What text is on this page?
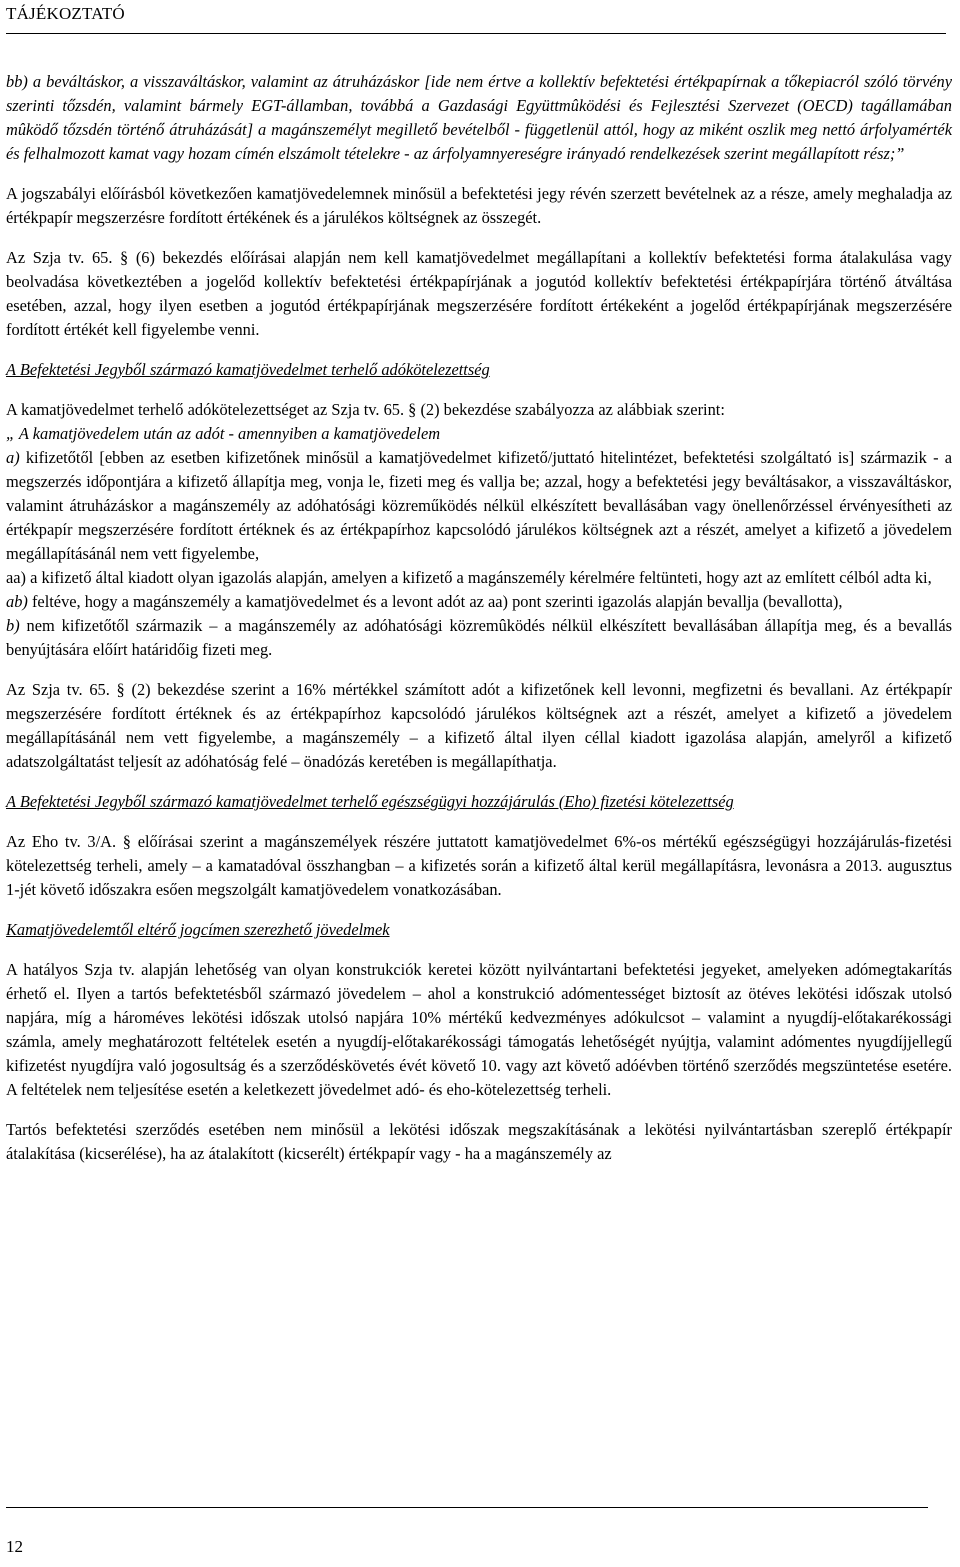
TÁJÉKOZTATÓ

bb) a beváltáskor, a visszaváltáskor, valamint az átruházáskor [ide nem értve a kollektív befektetési értékpapírnak a tőkepiacról szóló törvény szerinti tőzsdén, valamint bármely EGT-államban, továbbá a Gazdasági Együttmûködési és Fejlesztési Szervezet (OECD) tagállamában mûködő tőzsdén történő átruházását] a magánszemélyt megillető bevételből - függetlenül attól, hogy az miként oszlik meg nettó árfolyamérték és felhalmozott kamat vagy hozam címén elszámolt tételekre - az árfolyamnyereségre irányadó rendelkezések szerint megállapított rész;”

A jogszabályi előírásból következően kamatjövedelemnek minősül a befektetési jegy révén szerzett bevételnek az a része, amely meghaladja az értékpapír megszerzésre fordított értékének és a járulékos költségnek az összegét.

Az Szja tv. 65. § (6) bekezdés előírásai alapján nem kell kamatjövedelmet megállapítani a kollektív befektetési forma átalakulása vagy beolvadása következtében a jogelőd kollektív befektetési értékpapírjának a jogutód kollektív befektetési értékpapírjára történő átváltása esetében, azzal, hogy ilyen esetben a jogutód értékpapírjának megszerzésére fordított értékeként a jogelőd értékpapírjának megszerzésére fordított értékét kell figyelembe venni.

A Befektetési Jegyből származó kamatjövedelmet terhelő adókötelezettség

A kamatjövedelmet terhelő adókötelezettséget az Szja tv. 65. § (2) bekezdése szabályozza az alábbiak szerint:

„ A kamatjövedelem után az adót - amennyiben a kamatjövedelem

a) kifizetőtől [ebben az esetben kifizetőnek minősül a kamatjövedelmet kifizető/juttató hitelintézet, befektetési szolgáltató is] származik - a megszerzés időpontjára a kifizető állapítja meg, vonja le, fizeti meg és vallja be; azzal, hogy a befektetési jegy beváltásakor, a visszaváltáskor, valamint átruházáskor a magánszemély az adóhatósági közreműködés nélkül elkészített bevallásában vagy önellenőrzéssel érvényesítheti az értékpapír megszerzésére fordított értéknek és az értékpapírhoz kapcsolódó járulékos költségnek azt a részét, amelyet a kifizető a jövedelem megállapításánál nem vett figyelembe,

aa) a kifizető által kiadott olyan igazolás alapján, amelyen a kifizető a magánszemély kérelmére feltünteti, hogy azt az említett célból adta ki,

ab) feltéve, hogy a magánszemély a kamatjövedelmet és a levont adót az aa) pont szerinti igazolás alapján bevallja (bevallotta),

b) nem kifizetőtől származik – a magánszemély az adóhatósági közremûködés nélkül elkészített bevallásában állapítja meg, és a bevallás benyújtására előírt határidőig fizeti meg.

Az Szja tv. 65. § (2) bekezdése szerint a 16% mértékkel számított adót a kifizetőnek kell levonni, megfizetni és bevallani. Az értékpapír megszerzésére fordított értéknek és az értékpapírhoz kapcsolódó járulékos költségnek azt a részét, amelyet a kifizető a jövedelem megállapításánál nem vett figyelembe, a magánszemély – a kifizető által ilyen céllal kiadott igazolása alapján, amelyről a kifizető adatszolgáltatást teljesít az adóhatóság felé – önadózás keretében is megállapíthatja.

A Befektetési Jegyből származó kamatjövedelmet terhelő egészségügyi hozzájárulás (Eho) fizetési kötelezettség

Az Eho tv. 3/A. § előírásai szerint a magánszemélyek részére juttatott kamatjövedelmet 6%-os mértékű egészségügyi hozzájárulás-fizetési kötelezettség terheli, amely – a kamatadóval összhangban – a kifizetés során a kifizető által kerül megállapításra, levonásra a 2013. augusztus 1-jét követő időszakra esően megszolgált kamatjövedelem vonatkozásában.

Kamatjövedelemtől eltérő jogcímen szerezhető jövedelmek

A hatályos Szja tv. alapján lehetőség van olyan konstrukciók keretei között nyilvántartani befektetési jegyeket, amelyeken adómegtakarítás érhető el. Ilyen a tartós befektetésből származó jövedelem – ahol a konstrukció adómentességet biztosít az ötéves lekötési időszak utolsó napjára, míg a hároméves lekötési időszak utolsó napjára 10% mértékű kedvezményes adókulcsot – valamint a nyugdíj-előtakarékossági számla, amely meghatározott feltételek esetén a nyugdíj-előtakarékossági támogatás lehetőségét nyújtja, valamint adómentes nyugdíjjellegű kifizetést nyugdíjra való jogosultság és a szerződéskövetés évét követő 10. vagy azt követő adóévben történő szerződés megszüntetése esetére. A feltételek nem teljesítése esetén a keletkezett jövedelmet adó- és eho-kötelezettség terheli.

Tartós befektetési szerződés esetében nem minősül a lekötési időszak megszakításának a lekötési nyilvántartásban szereplő értékpapír átalakítása (kicserélése), ha az átalakított (kicserélt) értékpapír vagy - ha a magánszemély az

12
